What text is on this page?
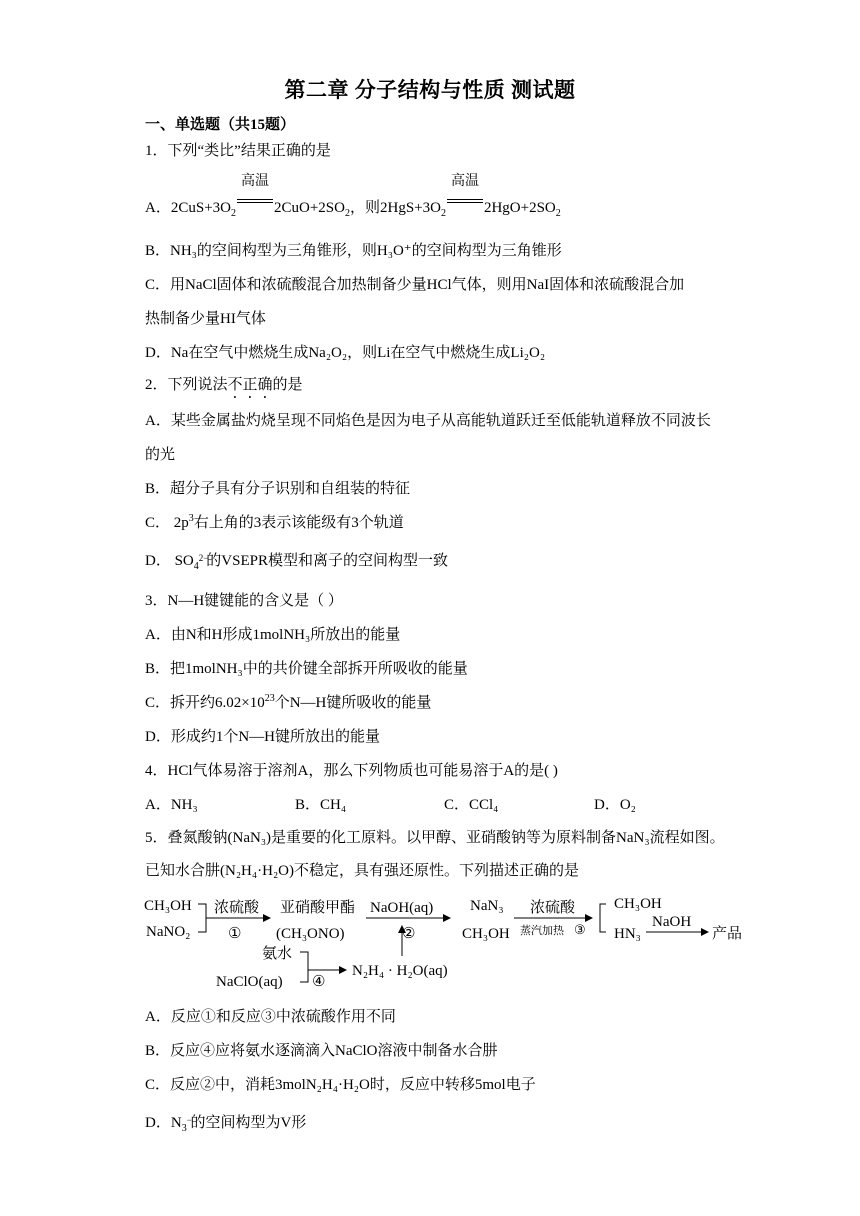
第二章 分子结构与性质 测试题
一、单选题（共15题）
1．下列“类比”结果正确的是
A．$2CuS+3O_2$
高温
$2CuO+2SO_2$，则$2HgS+3O_2$
高温
$2HgO+2SO_2$
B．NH₃的空间构型为三角锥形，则H₃O⁺的空间构型为三角锥形
C．用NaCl固体和浓硫酸混合加热制备少量HCl气体，则用NaI固体和浓硫酸混合加
热制备少量HI气体
D．Na在空气中燃烧生成Na₂O₂，则Li在空气中燃烧生成Li₂O₂
2．下列说法不正确的是
A．某些金属盐灼烧呈现不同焰色是因为电子从高能轨道跃迁至低能轨道释放不同波长
的光
B．超分子具有分子识别和自组装的特征
C． $2p^3$右上角的3表示该能级有3个轨道
D． $SO_4$
2−
的VSEPR模型和离子的空间构型一致
3．N—H键键能的含义是（ ）
A．由N和H形成1molNH₃所放出的能量
B．把1molNH₃中的共价键全部拆开所吸收的能量
C．拆开约$6.02\times 10^{23}$个N—H键所吸收的能量
D．形成约1个N—H键所放出的能量
4．HCl气体易溶于溶剂A，那么下列物质也可能易溶于A的是( )
A．NH₃	B．CH₄	C．CCl₄	D．O₂
5．叠氮酸钠(NaN₃)是重要的化工原料。以甲醇、亚硝酸钠等为原料制备NaN₃流程如图。
已知水合肼(N₂H₄·H₂O)不稳定，具有强还原性。下列描述正确的是
CH₃OH
NaNO₂
浓硫酸
①
亚硝酸甲酯
(CH₃ONO)
NaOH(aq)
②
NaN₃
CH₃OH
浓硫酸
蒸汽加热 ③
CH₃OH
HN₃
NaOH
产品
氨水
NaClO(aq) ④
N₂H₄ · H₂O(aq)
A．反应①和反应③中浓硫酸作用不同
B．反应④应将氨水逐滴滴入NaClO溶液中制备水合肼
C．反应②中，消耗3molN₂H₄·H₂O时，反应中转移5mol电子
D．$N_3$
−
的空间构型为V形
